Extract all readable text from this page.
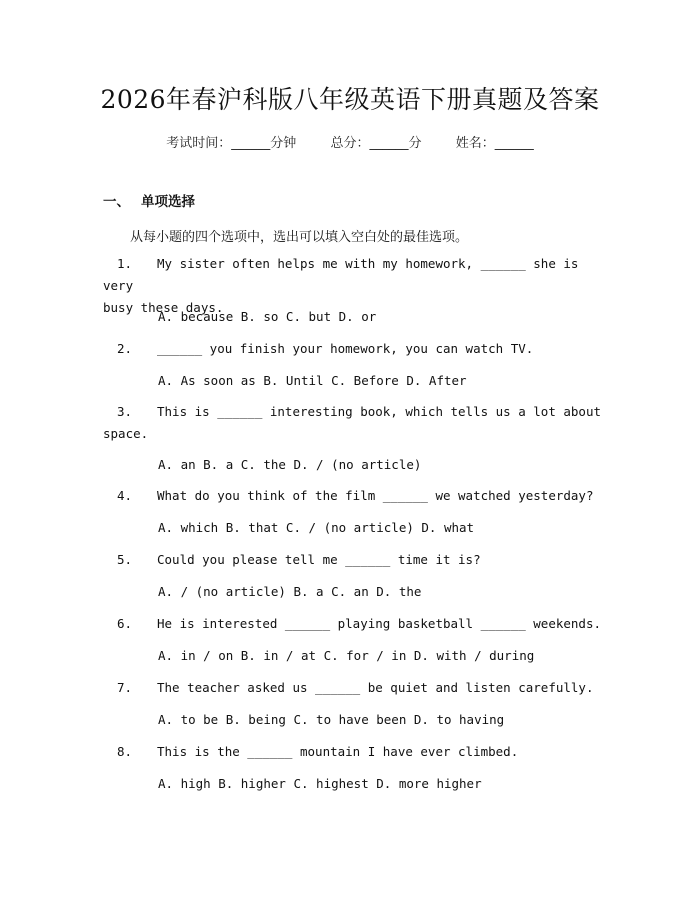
2026年春沪科版八年级英语下册真题及答案
考试时间：______分钟	总分：______分	姓名：______
一、 单项选择
从每小题的四个选项中，选出可以填入空白处的最佳选项。
1. My sister often helps me with my homework, ______ she is very
busy these days.
A. because B. so C. but D. or
2. ______ you finish your homework, you can watch TV.
A. As soon as B. Until C. Before D. After
3. This is ______ interesting book, which tells us a lot about
space.
A. an B. a C. the D. / (no article)
4. What do you think of the film ______ we watched yesterday?
A. which B. that C. / (no article) D. what
5. Could you please tell me ______ time it is?
A. / (no article) B. a C. an D. the
6. He is interested ______ playing basketball ______ weekends.
A. in / on B. in / at C. for / in D. with / during
7. The teacher asked us ______ be quiet and listen carefully.
A. to be B. being C. to have been D. to having
8. This is the ______ mountain I have ever climbed.
A. high B. higher C. highest D. more higher
